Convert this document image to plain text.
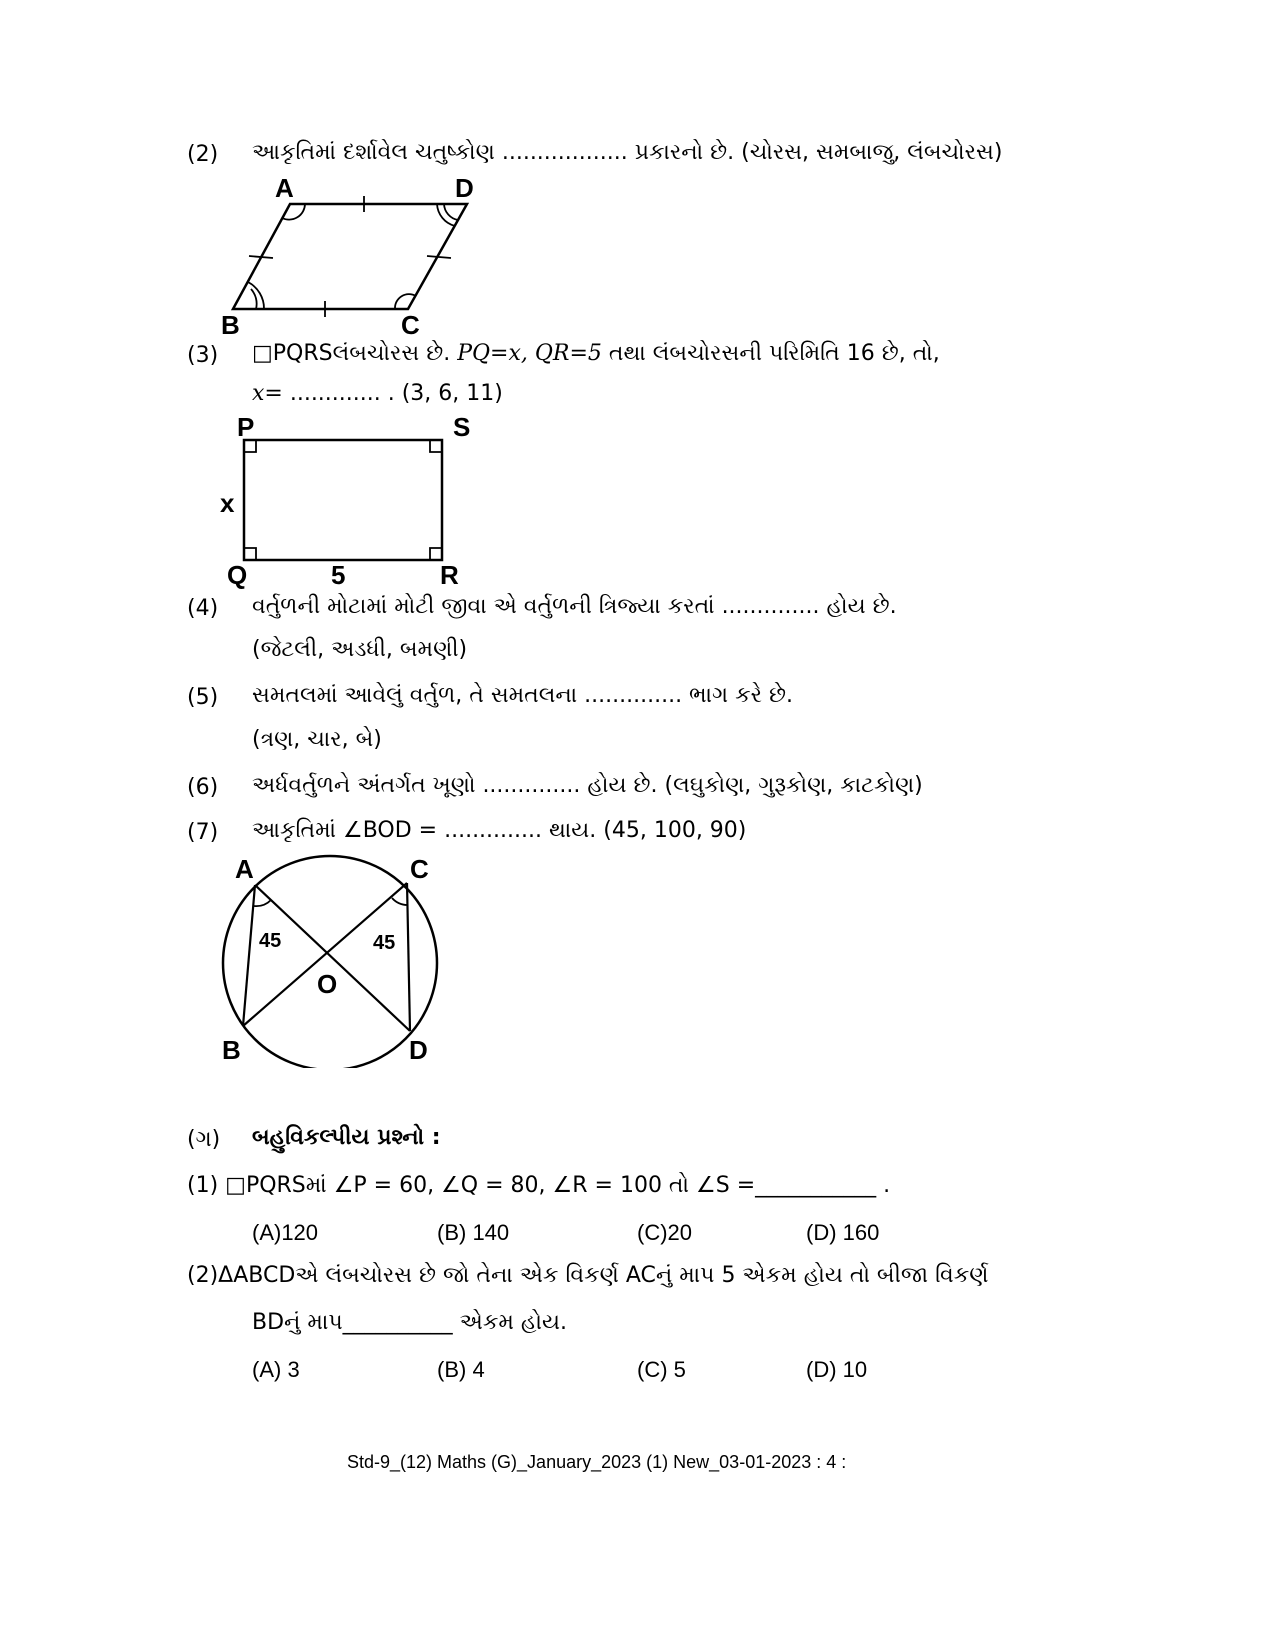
(2) આકૃતિમાં દર્શાવેલ ચતુષ્કોણ .................. પ્રકારનો છે. (ચોરસ, સમબાજુ, લંબચોરસ)
A	D
B	C
(3) □PQRSલંબચોરસ છે. PQ=x, QR=5 તથા લંબચોરસની પરિમિતિ 16 છે, તો,
x= ............. . (3, 6, 11)
P	S
Q	R
x
5
(4) વર્તુળની મોટામાં મોટી જીવા એ વર્તુળની ત્રિજ્યા કરતાં .............. હોય છે.
(જેટલી, અડધી, બમણી)
(5) સમતલમાં આવેલું વર્તુળ, તે સમતલના .............. ભાગ કરે છે.
(ત્રણ, ચાર, બે)
(6) અર્ધવર્તુળને અંતર્ગત ખૂણો .............. હોય છે. (લઘુકોણ, ગુરૂકોણ, કાટકોણ)
(7) આકૃતિમાં ∠BOD = .............. થાય. (45, 100, 90)
A	C
B	D
O
45	45
(ગ) બહુવિકલ્પીય પ્રશ્નો :
(1) □PQRSમાં ∠P = 60, ∠Q = 80, ∠R = 100 તો ∠S =___________ .
(A)120	(B) 140	(C)20	(D) 160
(2)ΔABCDએ લંબચોરસ છે જો તેના એક વિકર્ણ ACનું માપ 5 એકમ હોય તો બીજા વિકર્ણ
BDનું માપ__________ એકમ હોય.
(A) 3	(B) 4	(C) 5	(D) 10
Std-9_(12) Maths (G)_January_2023 (1) New_03-01-2023 : 4 :
